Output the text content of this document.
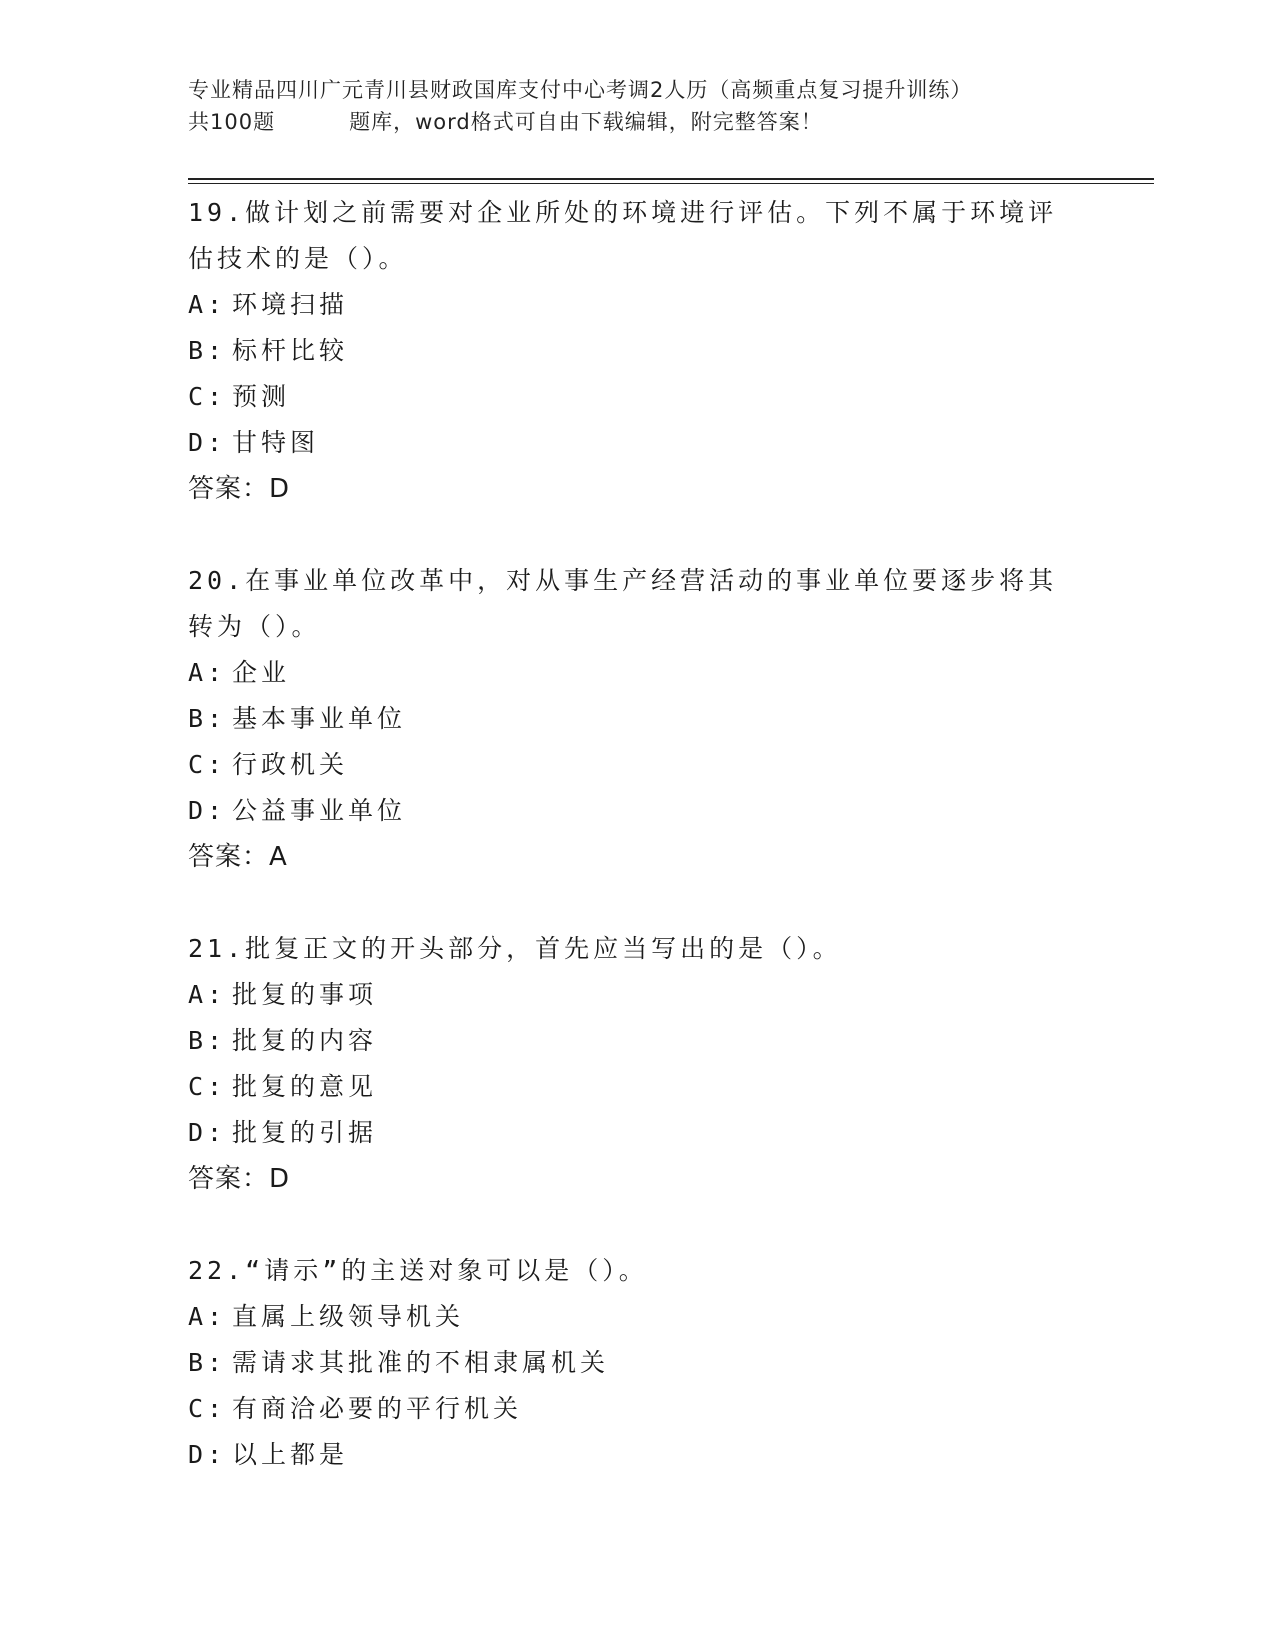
专业精品四川广元青川县财政国库支付中心考调2人历（高频重点复习提升训练）
共100题	题库，word格式可自由下载编辑，附完整答案！

19.做计划之前需要对企业所处的环境进行评估。下列不属于环境评估技术的是（）。

A: 环境扫描

B: 标杆比较

C: 预测

D: 甘特图

答案：D

20.在事业单位改革中，对从事生产经营活动的事业单位要逐步将其转为（）。

A: 企业

B: 基本事业单位

C: 行政机关

D: 公益事业单位

答案：A

21.批复正文的开头部分，首先应当写出的是（）。

A: 批复的事项

B: 批复的内容

C: 批复的意见

D: 批复的引据

答案：D

22.“请示”的主送对象可以是（）。

A: 直属上级领导机关

B: 需请求其批准的不相隶属机关

C: 有商洽必要的平行机关

D: 以上都是
